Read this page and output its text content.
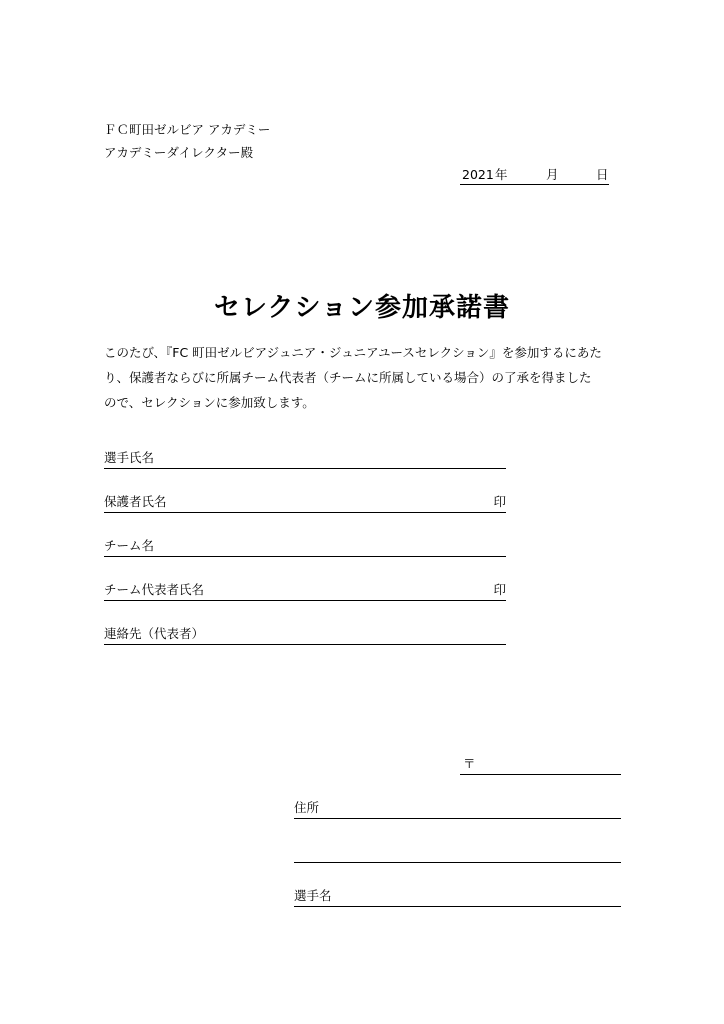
ＦＣ町田ゼルビア アカデミー
アカデミーダイレクター殿
2021 年	月	日
セレクション参加承諾書
このたび、『FC 町田ゼルビアジュニア・ジュニアユースセレクション』を参加するにあた
り、保護者ならびに所属チーム代表者（チームに所属している場合）の了承を得ました
ので、セレクションに参加致します。
選手氏名
保護者氏名	印
チーム名
チーム代表者氏名	印
連絡先（代表者）
〒
住所
選手名
